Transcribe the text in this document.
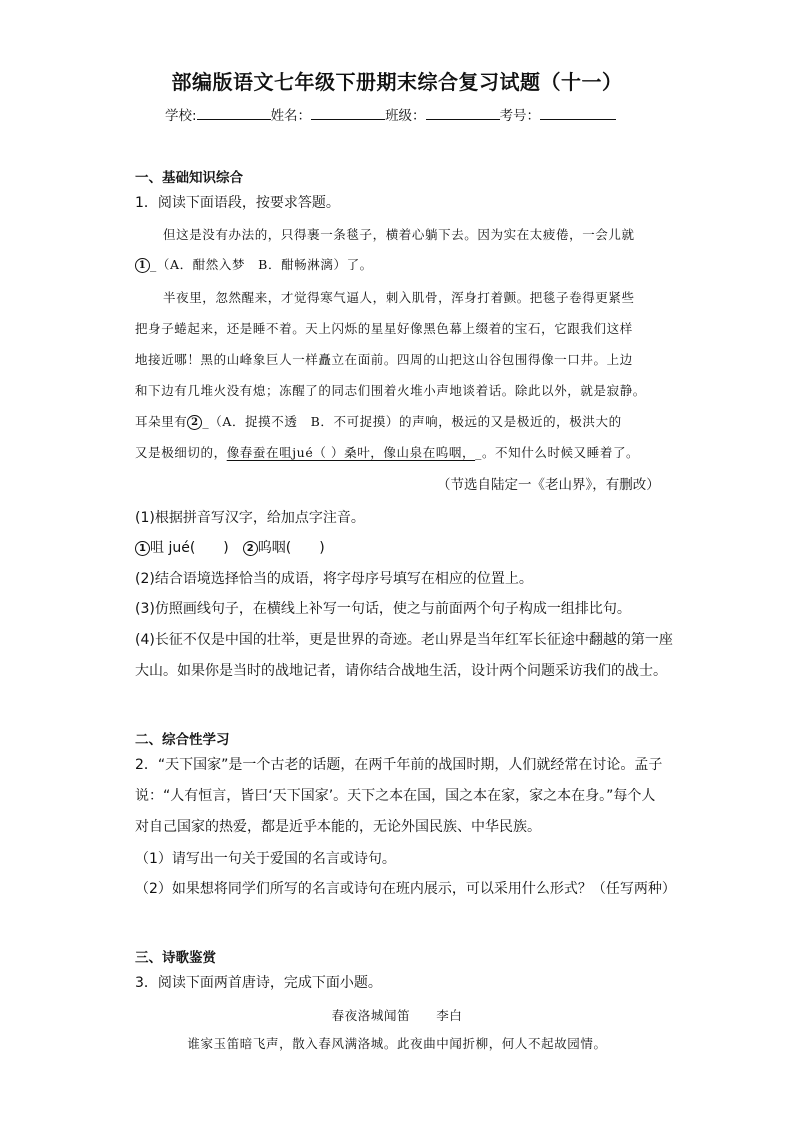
部编版语文七年级下册期末综合复习试题（十一）
学校:	姓名：	班级：	考号：
一、基础知识综合
1．阅读下面语段，按要求答题。
但这是没有办法的，只得裹一条毯子，横着心躺下去。因为实在太疲倦，一会儿就
1 _（A．酣然入梦　B．酣畅淋漓）了。
半夜里，忽然醒来，才觉得寒气逼人，刺入肌骨，浑身打着颤。把毯子卷得更紧些
把身子蜷起来，还是睡不着。天上闪烁的星星好像黑色幕上缀着的宝石，它跟我们这样
地接近哪！黑的山峰象巨人一样矗立在面前。四周的山把这山谷包围得像一口井。上边
和下边有几堆火没有熄；冻醒了的同志们围着火堆小声地谈着话。除此以外，就是寂静。
耳朵里有 2 _（A．捉摸不透　B．不可捉摸）的声响，极远的又是极近的，极洪大的
又是极细切的，像春蚕在咀jué（ ）桑叶，像山泉在呜咽，_。不知什么时候又睡着了。
（节选自陆定一《老山界》，有删改）
(1)根据拼音写汉字，给加点字注音。
1 咀 jué(　　)　 2 呜咽(　　)
(2)结合语境选择恰当的成语，将字母序号填写在相应的位置上。
(3)仿照画线句子，在横线上补写一句话，使之与前面两个句子构成一组排比句。
(4)长征不仅是中国的壮举，更是世界的奇迹。老山界是当年红军长征途中翻越的第一座
大山。如果你是当时的战地记者，请你结合战地生活，设计两个问题采访我们的战士。
二、综合性学习
2．“天下国家”是一个古老的话题，在两千年前的战国时期，人们就经常在讨论。孟子
说：“人有恒言，皆曰‘天下国家’。天下之本在国，国之本在家，家之本在身。”每个人
对自己国家的热爱，都是近乎本能的，无论外国民族、中华民族。
（1）请写出一句关于爱国的名言或诗句。
（2）如果想将同学们所写的名言或诗句在班内展示，可以采用什么形式？（任写两种）
三、诗歌鉴赏
3．阅读下面两首唐诗，完成下面小题。
春夜洛城闻笛 李白
谁家玉笛暗飞声，散入春风满洛城。此夜曲中闻折柳，何人不起故园情。
